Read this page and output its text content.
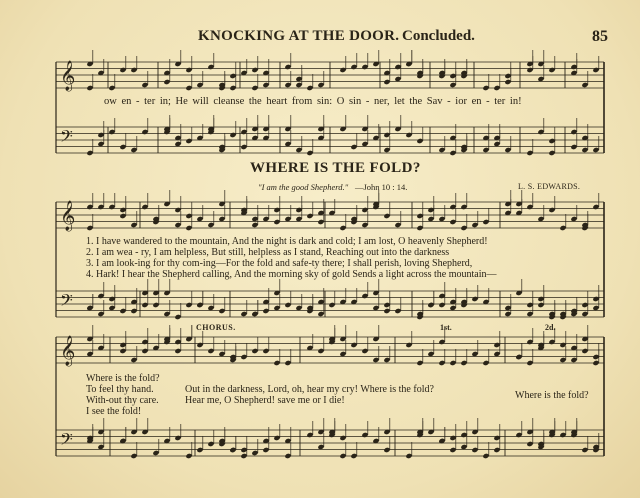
𝄞
𝄢
𝄞
𝄢
𝄞
𝄢
KNOCKING AT THE DOOR. Concluded.	85
ow en - ter in; He will cleanse the heart from sin: O sin - ner, let the Sav - ior en - ter in!
WHERE IS THE FOLD?
"I am the good Shepherd." —John 10 : 14.	L. S. EDWARDS.
1. I have wandered to the mountain, And the night is dark and cold; I am lost, O heavenly Shepherd!
2. I am wea - ry, I am helpless, But still, helpless as I stand, Reaching out into the darkness
3. I am look-ing for thy com-ing—For the fold and safe-ty there; I shall perish, loving Shepherd,
4. Hark! I hear the Shepherd calling, And the morning sky of gold Sends a light across the mountain—
CHORUS.	1st.	2d.
Where is the fold?
To feel thy hand.
With-out thy care.
I see the fold!
Out in the darkness, Lord, oh, hear my cry! Where is the fold?
Hear me, O Shepherd! save me or I die!	Where is the fold?
